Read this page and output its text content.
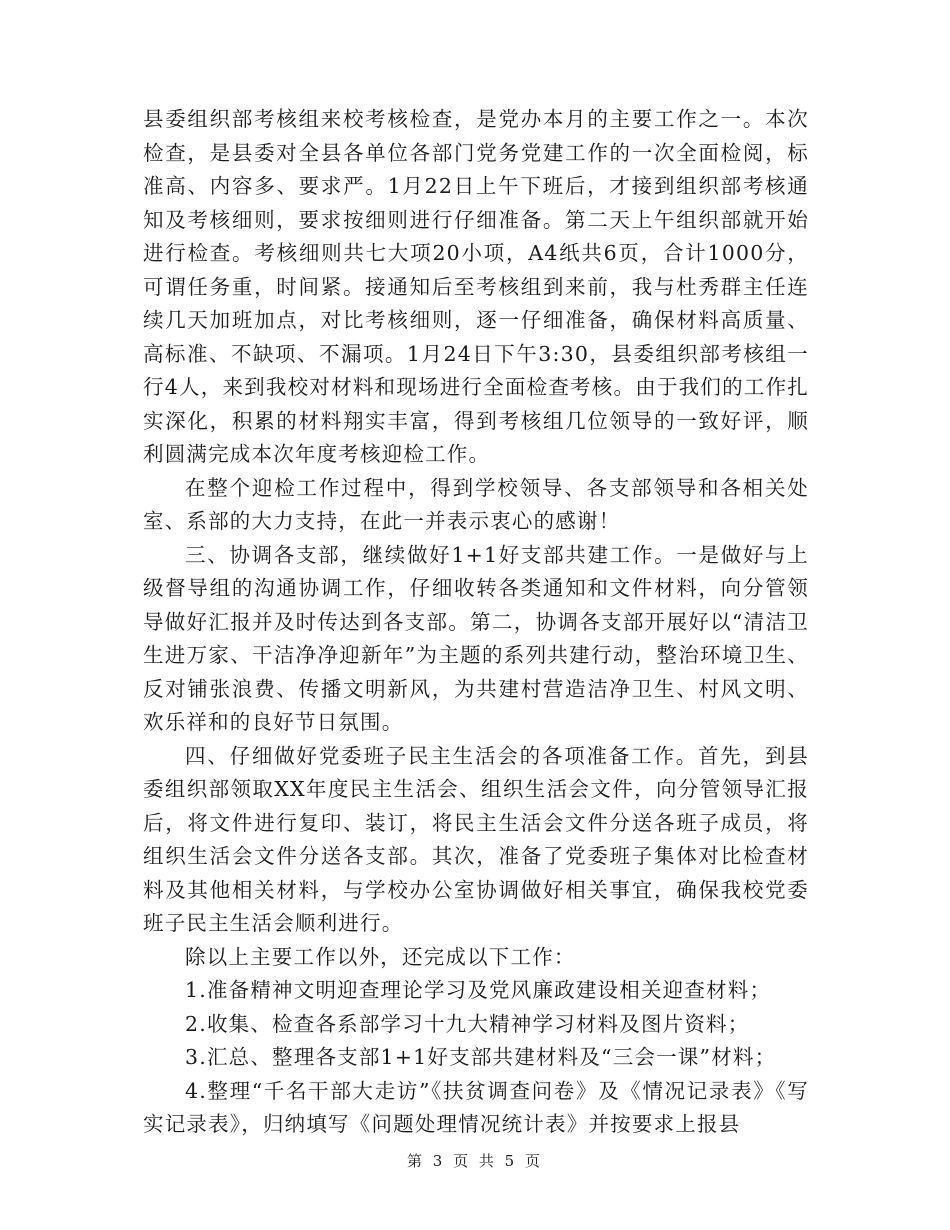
县委组织部考核组来校考核检查，是党办本月的主要工作之一。本次检查，是县委对全县各单位各部门党务党建工作的一次全面检阅，标准高、内容多、要求严。1月22日上午下班后，才接到组织部考核通知及考核细则，要求按细则进行仔细准备。第二天上午组织部就开始进行检查。考核细则共七大项20小项，A4纸共6页，合计1000分，可谓任务重，时间紧。接通知后至考核组到来前，我与杜秀群主任连续几天加班加点，对比考核细则，逐一仔细准备，确保材料高质量、高标准、不缺项、不漏项。1月24日下午3:30，县委组织部考核组一行4人，来到我校对材料和现场进行全面检查考核。由于我们的工作扎实深化，积累的材料翔实丰富，得到考核组几位领导的一致好评，顺利圆满完成本次年度考核迎检工作。

在整个迎检工作过程中，得到学校领导、各支部领导和各相关处室、系部的大力支持，在此一并表示衷心的感谢！

三、协调各支部，继续做好1+1好支部共建工作。一是做好与上级督导组的沟通协调工作，仔细收转各类通知和文件材料，向分管领导做好汇报并及时传达到各支部。第二，协调各支部开展好以“清洁卫生进万家、干洁净净迎新年”为主题的系列共建行动，整治环境卫生、反对铺张浪费、传播文明新风，为共建村营造洁净卫生、村风文明、欢乐祥和的良好节日氛围。

四、仔细做好党委班子民主生活会的各项准备工作。首先，到县委组织部领取XX年度民主生活会、组织生活会文件，向分管领导汇报后，将文件进行复印、装订，将民主生活会文件分送各班子成员，将组织生活会文件分送各支部。其次，准备了党委班子集体对比检查材料及其他相关材料，与学校办公室协调做好相关事宜，确保我校党委班子民主生活会顺利进行。

除以上主要工作以外，还完成以下工作：

1.准备精神文明迎查理论学习及党风廉政建设相关迎查材料；

2.收集、检查各系部学习十九大精神学习材料及图片资料；

3.汇总、整理各支部1+1好支部共建材料及“三会一课”材料；

4.整理“千名干部大走访”《扶贫调查问卷》及《情况记录表》《写实记录表》，归纳填写《问题处理情况统计表》并按要求上报县

第 3 页 共 5 页
